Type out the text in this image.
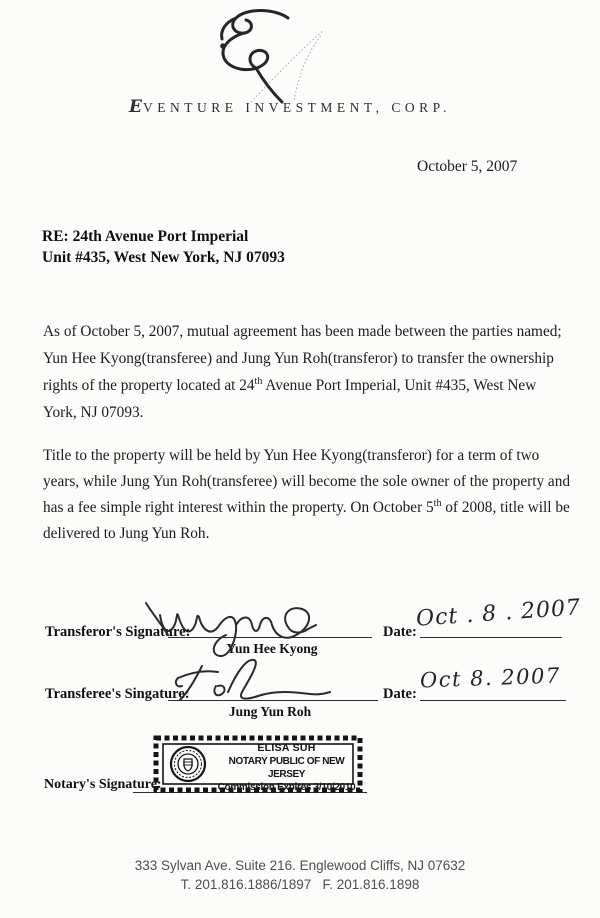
EVENTURE INVESTMENT, CORP.
October 5, 2007
RE: 24th Avenue Port Imperial
Unit #435, West New York, NJ 07093
As of October 5, 2007, mutual agreement has been made between the parties named; Yun Hee Kyong(transferee) and Jung Yun Roh(transferor) to transfer the ownership rights of the property located at 24th Avenue Port Imperial, Unit #435, West New York, NJ 07093.
Title to the property will be held by Yun Hee Kyong(transferor) for a term of two years, while Jung Yun Roh(transferee) will become the sole owner of the property and has a fee simple right interest within the property. On October 5th of 2008, title will be delivered to Jung Yun Roh.
Transferor's Signature:
Yun Hee Kyong
Date:
Oct . 8 . 2007
Transferee's Singature:
Jung Yun Roh
Date:
Oct 8. 2007
Notary's Signature:
ELISA SUH
NOTARY PUBLIC OF NEW JERSEY
Commission Expires 3/10/2010
333 Sylvan Ave. Suite 216. Englewood Cliffs, NJ 07632
T. 201.816.1886/1897   F. 201.816.1898
